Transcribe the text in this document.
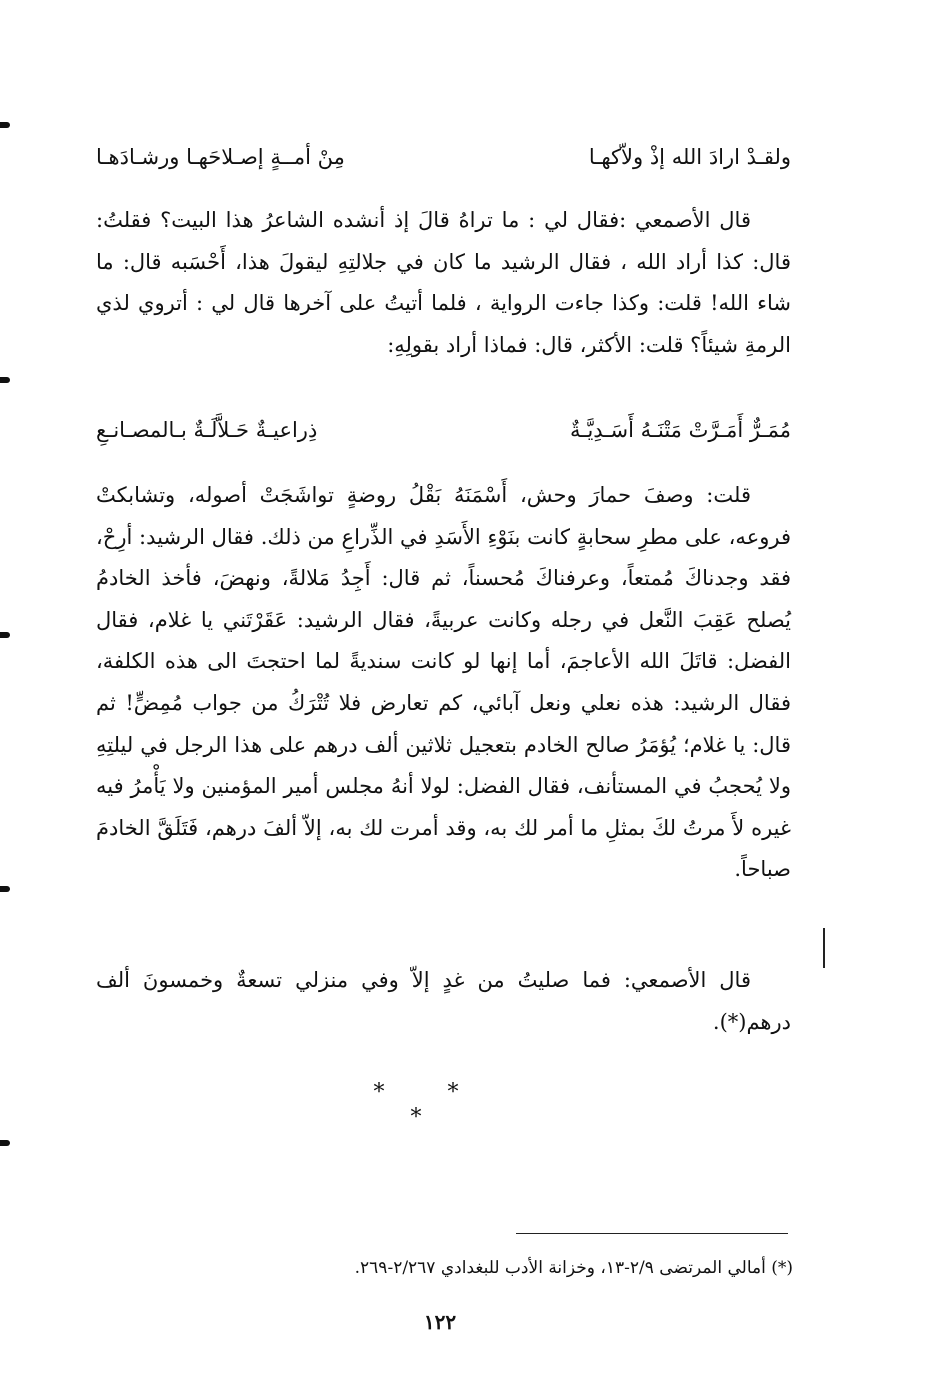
ولقـدْ ارادَ الله إذْ ولاّكهـا
مِنْ أمــةٍ إصـلاحَهـا ورشـادَهـا

قال الأصمعي :فقال لي : ما تراهُ قالَ إذ أنشده الشاعرُ هذا البيت؟ فقلتُ: قال: كذا أراد الله ، فقال الرشيد ما كان في جلالتِهِ ليقولَ هذا، أَحْسَبه قال: ما شاء الله! قلت: وكذا جاءت الرواية ، فلما أتيتُ على آخرها قال لي : أتروي لذي الرمةِ شيئاً؟ قلت: الأكثر، قال: فماذا أراد بقولِهِ:

مُمَـرٌّ أَمَـرَّتْ مَتْنَـهُ أَسَـدِيَّـةٌ
ذِراعيـةٌ حَـلاَّلَـةٌ بـالمصـانـعِ

قلت: وصفَ حمارَ وحش، أَسْمَنَهُ بَقْلُ روضةٍ تواشَجَتْ أصوله، وتشابكتْ فروعه، على مطرِ سحابةٍ كانت بنَوْءِ الأَسَدِ في الذِّراعِ من ذلك. فقال الرشيد: أرِحْ، فقد وجدناكَ مُمتعاً، وعرفناكَ مُحسناً، ثم قال: أَجِدُ مَلالةً، ونهضَ، فأخذ الخادمُ يُصلح عَقِبَ النَّعل في رجله وكانت عربيةً، فقال الرشيد: عَقَرْتَني يا غلام، فقال الفضل: قاتَلَ الله الأعاجمَ، أما إنها لو كانت سنديةً لما احتجتَ الى هذه الكلفة، فقال الرشيد: هذه نعلي ونعل آبائي، كم تعارض فلا تُتْرَكُ من جواب مُمِضٍّ! ثم قال: يا غلام؛ يُؤمَرُ صالح الخادم بتعجيل ثلاثين ألف درهم على هذا الرجل في ليلتِهِ ولا يُحجبُ في المستأنف، فقال الفضل: لولا أنهُ مجلس أمير المؤمنين ولا يَأْمرُ فيه غيره لأَ مرتُ لكَ بمثلِ ما أمر لك به، وقد أمرت لك به، إلاّ ألفَ درهم، فَتَلَقَّ الخادمَ صباحاً.

قال الأصمعي: فما صليتُ من غدٍ إلاّ وفي منزلي تسعةٌ وخمسونَ ألف درهم(*).

* * *
(*) أمالي المرتضى ٢/٩-١٣، وخزانة الأدب للبغدادي ٢/٢٦٧-٢٦٩.
١٢٢
